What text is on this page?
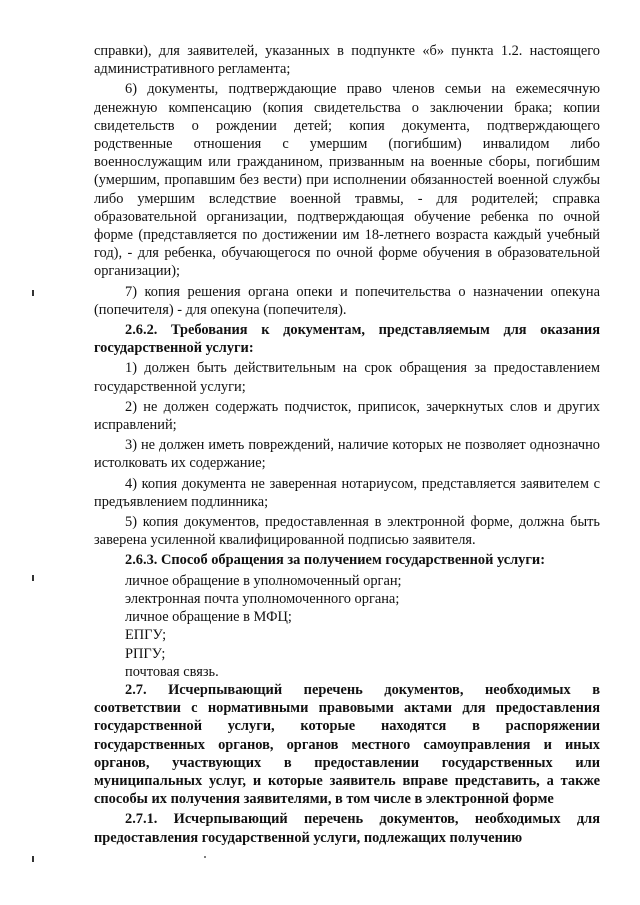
справки), для заявителей, указанных в подпункте «б» пункта 1.2. настоящего административного регламента;

6) документы, подтверждающие право членов семьи на ежемесячную денежную компенсацию (копия свидетельства о заключении брака; копии свидетельств о рождении детей; копия документа, подтверждающего родственные отношения с умершим (погибшим) инвалидом либо военнослужащим или гражданином, призванным на военные сборы, погибшим (умершим, пропавшим без вести) при исполнении обязанностей военной службы либо умершим вследствие военной травмы, - для родителей; справка образовательной организации, подтверждающая обучение ребенка по очной форме (представляется по достижении им 18-летнего возраста каждый учебный год), - для ребенка, обучающегося по очной форме обучения в образовательной организации);

7) копия решения органа опеки и попечительства о назначении опекуна (попечителя) - для опекуна (попечителя).

2.6.2. Требования к документам, представляемым для оказания государственной услуги:

1) должен быть действительным на срок обращения за предоставлением государственной услуги;

2) не должен содержать подчисток, приписок, зачеркнутых слов и других исправлений;

3) не должен иметь повреждений, наличие которых не позволяет однозначно истолковать их содержание;

4) копия документа не заверенная нотариусом, представляется заявителем с предъявлением подлинника;

5) копия документов, предоставленная в электронной форме, должна быть заверена усиленной квалифицированной подписью заявителя.

2.6.3. Способ обращения за получением государственной услуги:

личное обращение в уполномоченный орган;

электронная почта уполномоченного органа;

личное обращение в МФЦ;

ЕПГУ;

РПГУ;

почтовая связь.

2.7. Исчерпывающий перечень документов, необходимых в соответствии с нормативными правовыми актами для предоставления государственной услуги, которые находятся в распоряжении государственных органов, органов местного самоуправления и иных органов, участвующих в предоставлении государственных или муниципальных услуг, и которые заявитель вправе представить, а также способы их получения заявителями, в том числе в электронной форме

2.7.1. Исчерпывающий перечень документов, необходимых для предоставления государственной услуги, подлежащих получению
